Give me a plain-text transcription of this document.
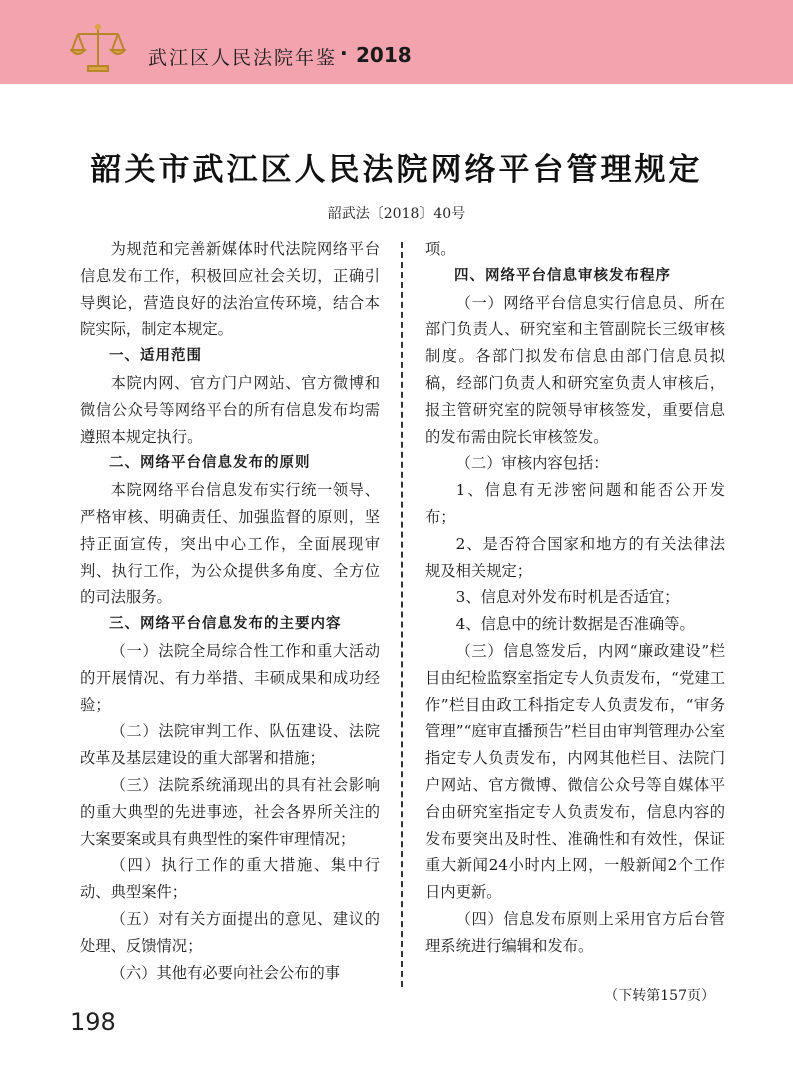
武江区人民法院年鉴 · 2018
韶关市武江区人民法院网络平台管理规定
韶武法〔2018〕40号

为规范和完善新媒体时代法院网络平台信息发布工作，积极回应社会关切，正确引导舆论，营造良好的法治宣传环境，结合本院实际，制定本规定。

一、适用范围

本院内网、官方门户网站、官方微博和微信公众号等网络平台的所有信息发布均需遵照本规定执行。

二、网络平台信息发布的原则

本院网络平台信息发布实行统一领导、严格审核、明确责任、加强监督的原则，坚持正面宣传，突出中心工作，全面展现审判、执行工作，为公众提供多角度、全方位的司法服务。

三、网络平台信息发布的主要内容

（一）法院全局综合性工作和重大活动的开展情况、有力举措、丰硕成果和成功经验；

（二）法院审判工作、队伍建设、法院改革及基层建设的重大部署和措施；

（三）法院系统涌现出的具有社会影响的重大典型的先进事迹，社会各界所关注的大案要案或具有典型性的案件审理情况；

（四）执行工作的重大措施、集中行动、典型案件；

（五）对有关方面提出的意见、建议的处理、反馈情况；

（六）其他有必要向社会公布的事

项。

四、网络平台信息审核发布程序

（一）网络平台信息实行信息员、所在部门负责人、研究室和主管副院长三级审核制度。各部门拟发布信息由部门信息员拟稿，经部门负责人和研究室负责人审核后，报主管研究室的院领导审核签发，重要信息的发布需由院长审核签发。

（二）审核内容包括：

1、信息有无涉密问题和能否公开发布；

2、是否符合国家和地方的有关法律法规及相关规定；

3、信息对外发布时机是否适宜；

4、信息中的统计数据是否准确等。

（三）信息签发后，内网“廉政建设”栏目由纪检监察室指定专人负责发布，“党建工作”栏目由政工科指定专人负责发布，“审务管理”“庭审直播预告”栏目由审判管理办公室指定专人负责发布，内网其他栏目、法院门户网站、官方微博、微信公众号等自媒体平台由研究室指定专人负责发布，信息内容的发布要突出及时性、准确性和有效性，保证重大新闻24小时内上网，一般新闻2个工作日内更新。

（四）信息发布原则上采用官方后台管理系统进行编辑和发布。

（下转第157页）
198
